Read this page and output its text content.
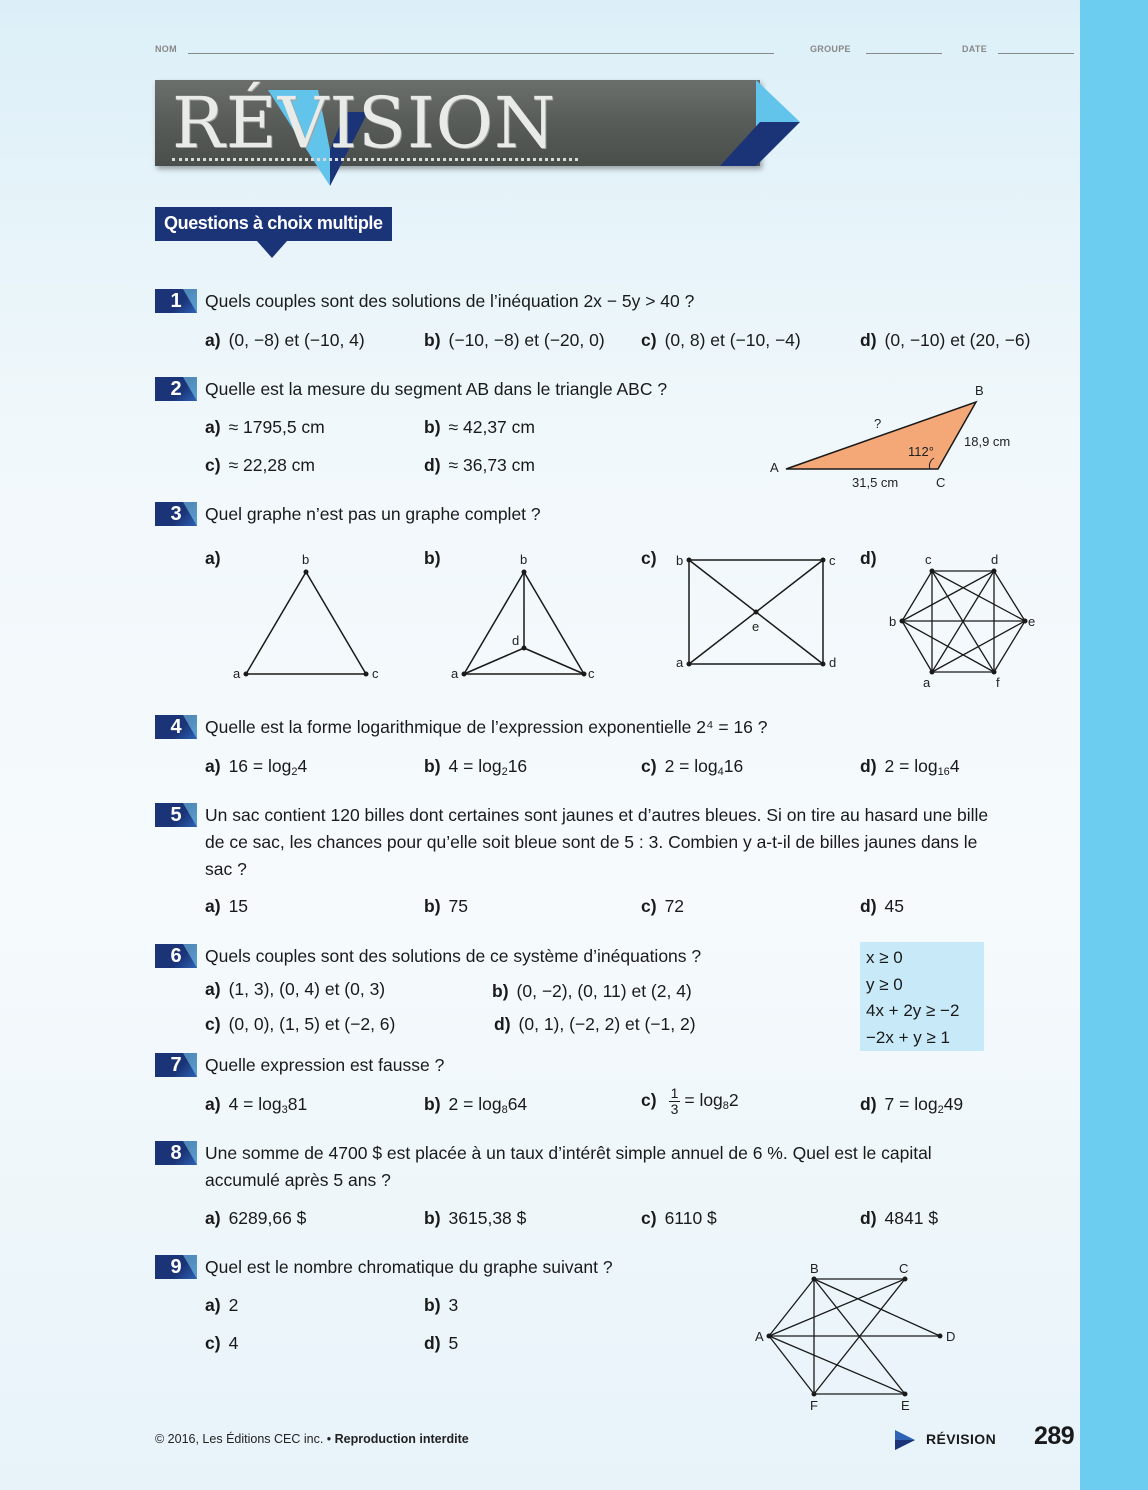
NOM	GROUPE	DATE
RÉVISION
Questions à choix multiple
1	Quels couples sont des solutions de l’inéquation 2x − 5y > 40 ?
a) (0, −8) et (−10, 4)	b) (−10, −8) et (−20, 0) c) (0, 8) et (−10, −4)	d) (0, −10) et (20, −6)
2	Quelle est la mesure du segment AB dans le triangle ABC ?
a) ≈ 1795,5 cm	b) ≈ 42,37 cm
c) ≈ 22,28 cm	d) ≈ 36,73 cm
B
A
C
?
18,9 cm
31,5 cm
112°
3	Quel graphe n’est pas un graphe complet ?
a)	b)	c)	d)
b
a	c
b
a	c
d
b	c
a	d
e
c	d
e
f
a
b
4	Quelle est la forme logarithmique de l’expression exponentielle 2⁴ = 16 ?
a) $16 = \log_24$	b) $4 = \log_216$	c) $2 = \log_416$	d) $2 = \log_{16}4$
5	Un sac contient 120 billes dont certaines sont jaunes et d’autres bleues. Si on tire au hasard une bille
de ce sac, les chances pour qu’elle soit bleue sont de 5 : 3. Combien y a-t-il de billes jaunes dans le
sac ?
a) 15	b) 75	c) 72	d) 45
6	Quels couples sont des solutions de ce système d’inéquations ?
a) (1, 3), (0, 4) et (0, 3)	b) (0, −2), (0, 11) et (2, 4)
c) (0, 0), (1, 5) et (−2, 6)	d) (0, 1), (−2, 2) et (−1, 2)
x ≥ 0
y ≥ 0
4x + 2y ≥ −2
−2x + y ≥ 1
7	Quelle expression est fausse ?
a) $4 = \log_381$	b) $2 = \log_864$	$c) \frac{1}{3} = \log_82$	d) $7 = \log_249$
8	Une somme de 4700 $ est placée à un taux d’intérêt simple annuel de 6 %. Quel est le capital
accumulé après 5 ans ?
a) 6289,66 $	b) 3615,38 $	c) 6110 $	d) 4841 $
9	Quel est le nombre chromatique du graphe suivant ?
a) 2	b) 3
c) 4	d) 5
B	C
A	D
F	E
© 2016, Les Éditions CEC inc. • Reproduction interdite	RÉVISION 289
